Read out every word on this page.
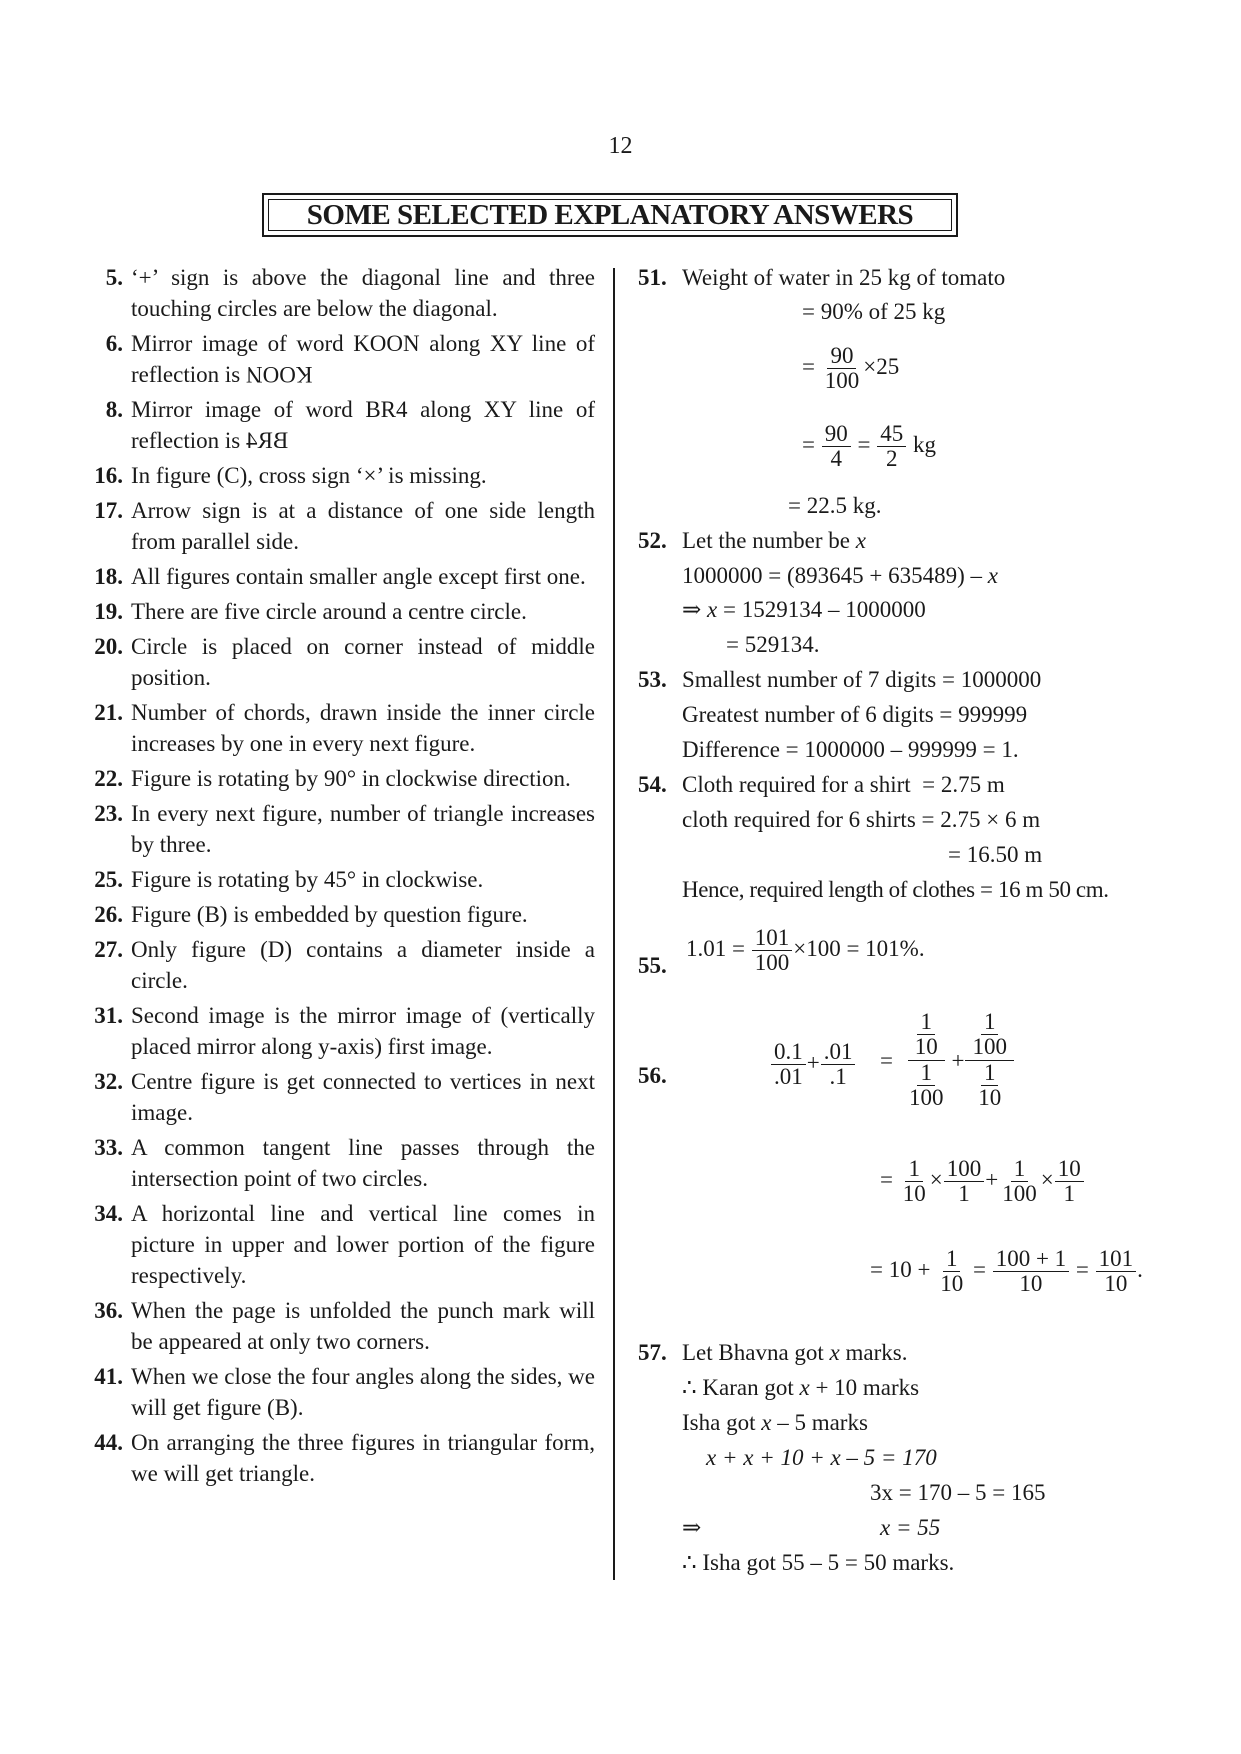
12
SOME SELECTED EXPLANATORY ANSWERS
5. ‘+’ sign is above the diagonal line and three touching circles are below the diagonal.
6. Mirror image of word KOON along XY line of reflection is KOON
8. Mirror image of word BR4 along XY line of reflection is BR4
16. In figure (C), cross sign ‘×’ is missing.
17. Arrow sign is at a distance of one side length from parallel side.
18. All figures contain smaller angle except first one.
19. There are five circle around a centre circle.
20. Circle is placed on corner instead of middle position.
21. Number of chords, drawn inside the inner circle increases by one in every next figure.
22. Figure is rotating by 90° in clockwise direction.
23. In every next figure, number of triangle increases by three.
25. Figure is rotating by 45° in clockwise.
26. Figure (B) is embedded by question figure.
27. Only figure (D) contains a diameter inside a circle.
31. Second image is the mirror image of (vertically placed mirror along y-axis) first image.
32. Centre figure is get connected to vertices in next image.
33. A common tangent line passes through the intersection point of two circles.
34. A horizontal line and vertical line comes in picture in upper and lower portion of the figure respectively.
36. When the page is unfolded the punch mark will be appeared at only two corners.
41. When we close the four angles along the sides, we will get figure (B).
44. On arranging the three figures in triangular form, we will get triangle.
51. Weight of water in 25 kg of tomato
= 90% of 25 kg
= $\frac{90}{100} \times 25$
= $\frac{90}{4} = \frac{45}{2}$ kg
= 22.5 kg.
52. Let the number be x
1000000 = (893645 + 635489) – x
⇒ x = 1529134 – 1000000
= 529134.
53. Smallest number of 7 digits = 1000000
Greatest number of 6 digits = 999999
Difference = 1000000 – 999999 = 1.
54. Cloth required for a shirt  = 2.75 m
cloth required for 6 shirts = 2.75 × 6 m
= 16.50 m
Hence, required length of clothes = 16 m 50 cm.
55.
$1.01 = \frac{101}{100} \times 100 = 101\%$.
56.	$\frac{0.1}{.01} + \frac{.01}{.1} = \frac{\frac{1}{10}}{\frac{1}{100}} + \frac{\frac{1}{100}}{\frac{1}{10}}$
= $\frac{1}{10} \times \frac{100}{1} + \frac{1}{100} \times \frac{10}{1}$
= $10 + \frac{1}{10} = \frac{100 + 1}{10} = \frac{101}{10}$ .
57. Let Bhavna got x marks.
∴ Karan got x + 10 marks
Isha got x – 5 marks
x + x + 10 + x – 5 = 170
3x = 170 – 5 = 165
⇒	x = 55
∴ Isha got 55 – 5 = 50 marks.
